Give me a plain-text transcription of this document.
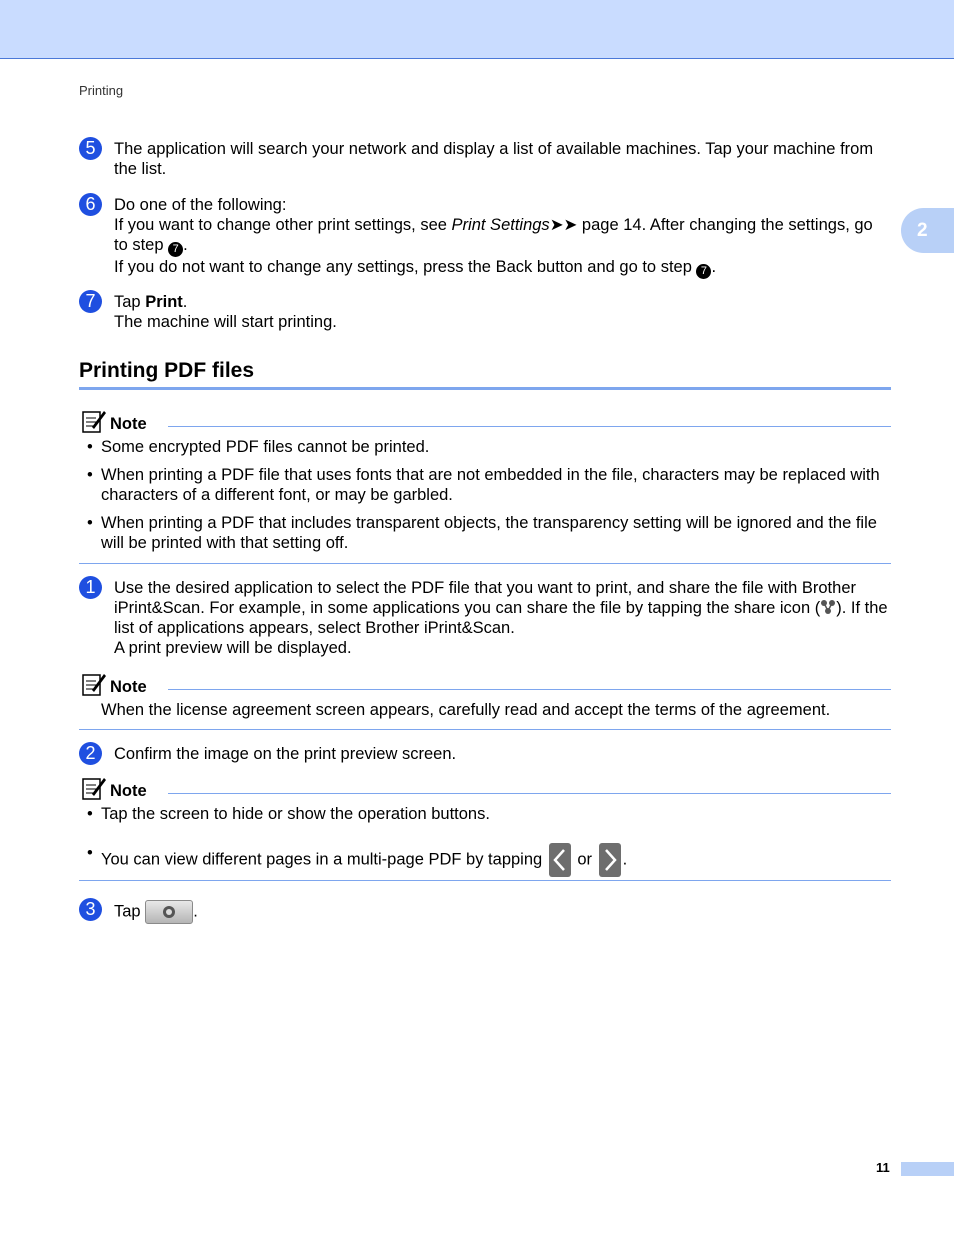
Printing
2
5	The application will search your network and display a list of available machines. Tap your machine from the list.
6	Do one of the following:
If you want to change other print settings, see Print Settings➤➤ page 14. After changing the settings, go to step 7 .
If you do not want to change any settings, press the Back button and go to step 7 .
7	Tap Print.
The machine will start printing.
Printing PDF files
Note
• Some encrypted PDF files cannot be printed.
• When printing a PDF file that uses fonts that are not embedded in the file, characters may be replaced with characters of a different font, or may be garbled.
• When printing a PDF that includes transparent objects, the transparency setting will be ignored and the file will be printed with that setting off.
1	Use the desired application to select the PDF file that you want to print, and share the file with Brother iPrint&Scan. For example, in some applications you can share the file by tapping the share icon ( ). If the list of applications appears, select Brother iPrint&Scan.
A print preview will be displayed.
Note
When the license agreement screen appears, carefully read and accept the terms of the agreement.
2	Confirm the image on the print preview screen.
Note
• Tap the screen to hide or show the operation buttons.
• You can view different pages in a multi-page PDF by tapping  or .
3	Tap	.
11
